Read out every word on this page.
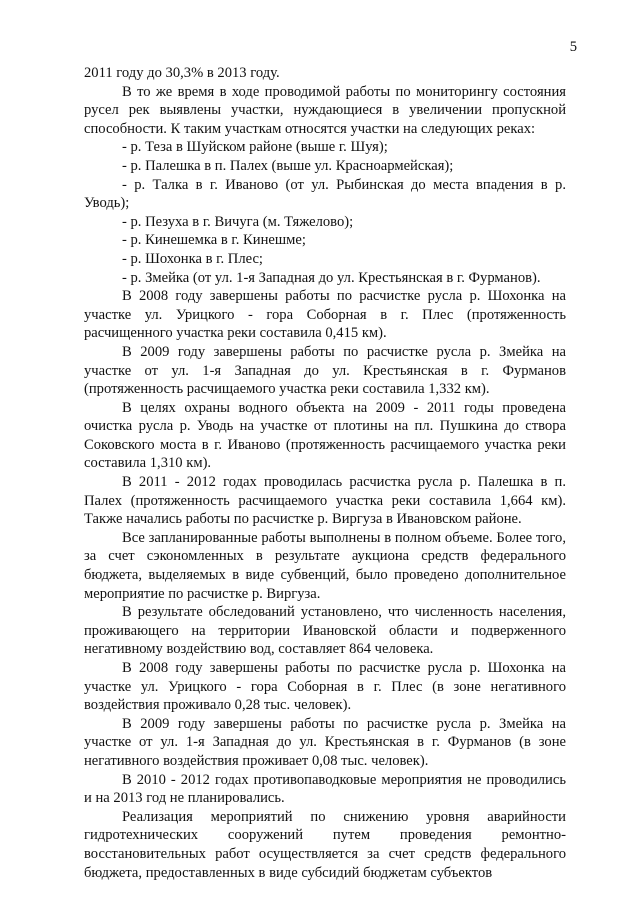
5

2011 году до 30,3% в 2013 году.

В то же время в ходе проводимой работы по мониторингу состояния русел рек выявлены участки, нуждающиеся в увеличении пропускной способности. К таким участкам относятся участки на следующих реках:

- р. Теза в Шуйском районе (выше г. Шуя);

- р. Палешка в п. Палех (выше ул. Красноармейская);

- р. Талка в г. Иваново (от ул. Рыбинская до места впадения в р. Уводь);

- р. Пезуха в г. Вичуга (м. Тяжелово);

- р. Кинешемка в г. Кинешме;

- р. Шохонка в г. Плес;

- р. Змейка (от ул. 1-я Западная до ул. Крестьянская в г. Фурманов).

В 2008 году завершены работы по расчистке русла р. Шохонка на участке ул. Урицкого - гора Соборная в г. Плес (протяженность расчищенного участка реки составила 0,415 км).

В 2009 году завершены работы по расчистке русла р. Змейка на участке от ул. 1-я Западная до ул. Крестьянская в г. Фурманов (протяженность расчищаемого участка реки составила 1,332 км).

В целях охраны водного объекта на 2009 - 2011 годы проведена очистка русла р. Уводь на участке от плотины на пл. Пушкина до створа Соковского моста в г. Иваново (протяженность расчищаемого участка реки составила 1,310 км).

В 2011 - 2012 годах проводилась расчистка русла р. Палешка в п. Палех (протяженность расчищаемого участка реки составила 1,664 км). Также начались работы по расчистке р. Виргуза в Ивановском районе.

Все запланированные работы выполнены в полном объеме. Более того, за счет сэкономленных в результате аукциона средств федерального бюджета, выделяемых в виде субвенций, было проведено дополнительное мероприятие по расчистке р. Виргуза.

В результате обследований установлено, что численность населения, проживающего на территории Ивановской области и подверженного негативному воздействию вод, составляет 864 человека.

В 2008 году завершены работы по расчистке русла р. Шохонка на участке ул. Урицкого - гора Соборная в г. Плес (в зоне негативного воздействия проживало 0,28 тыс. человек).

В 2009 году завершены работы по расчистке русла р. Змейка на участке от ул. 1-я Западная до ул. Крестьянская в г. Фурманов (в зоне негативного воздействия проживает 0,08 тыс. человек).

В 2010 - 2012 годах противопаводковые мероприятия не проводились и на 2013 год не планировались.

Реализация мероприятий по снижению уровня аварийности гидротехнических сооружений путем проведения ремонтно-восстановительных работ осуществляется за счет средств федерального бюджета, предоставленных в виде субсидий бюджетам субъектов
